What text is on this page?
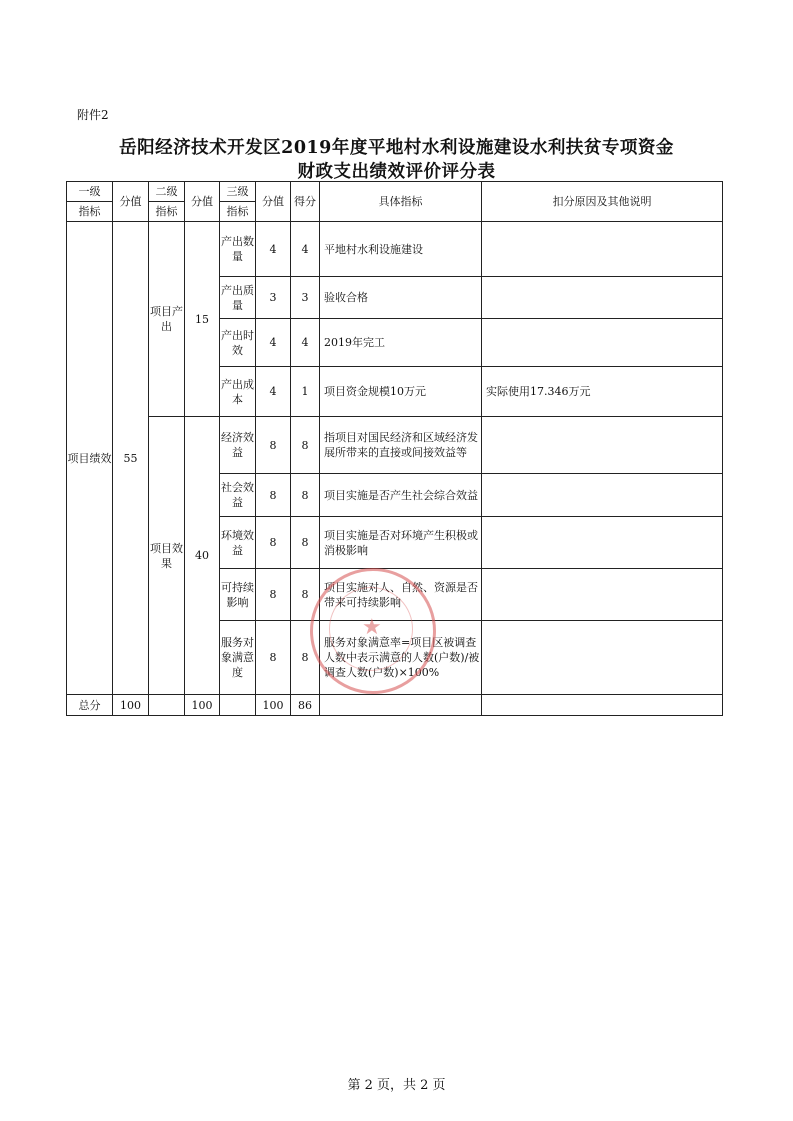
附件2
岳阳经济技术开发区2019年度平地村水利设施建设水利扶贫专项资金
财政支出绩效评价评分表
一级	分值	二级	分值	三级	分值	得分	具体指标	扣分原因及其他说明
指标		指标		指标				
项目绩效	55	项目产出	15	产出数量	4	4	平地村水利设施建设	
				产出质量	3	3	验收合格	
				产出时效	4	4	2019年完工	
				产出成本	4	1	项目资金规模10万元	实际使用17.346万元
		项目效果	40	经济效益	8	8	指项目对国民经济和区域经济发展所带来的直接或间接效益等	
				社会效益	8	8	项目实施是否产生社会综合效益	
				环境效益	8	8	项目实施是否对环境产生积极或消极影响	
				可持续影响	8	8	项目实施对人、自然、资源是否带来可持续影响	
				服务对象满意度	8	8	服务对象满意率=项目区被调查人数中表示满意的人数(户数)/被调查人数(户数)×100%	
总分	100		100		100	86		
★
第 2 页，共 2 页
